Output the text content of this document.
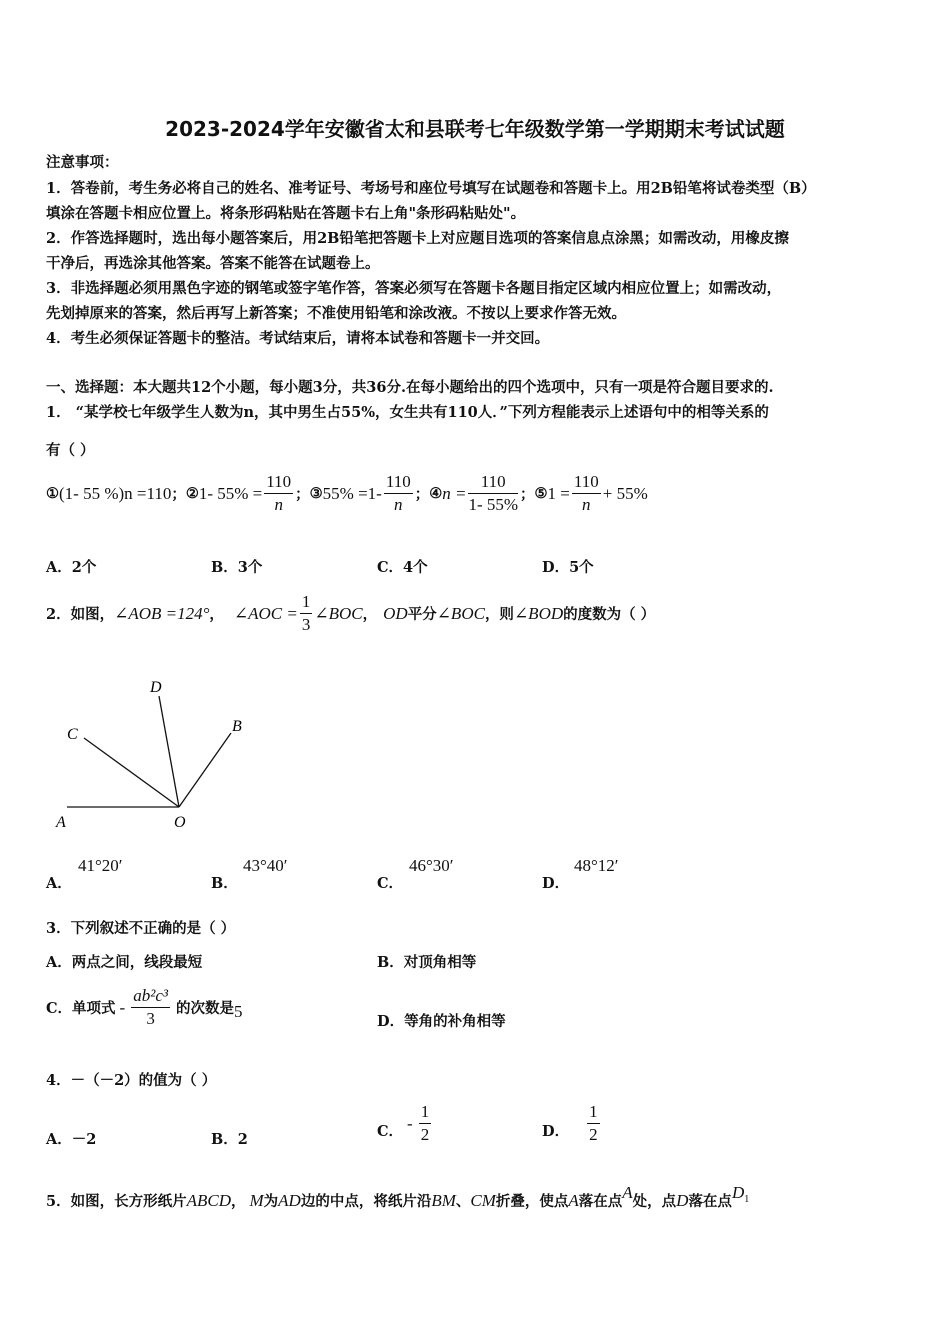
2023-2024学年安徽省太和县联考七年级数学第一学期期末考试试题
注意事项：
1．答卷前，考生务必将自己的姓名、准考证号、考场号和座位号填写在试题卷和答题卡上。用2B铅笔将试卷类型（B）
填涂在答题卡相应位置上。将条形码粘贴在答题卡右上角"条形码粘贴处"。
2．作答选择题时，选出每小题答案后，用2B铅笔把答题卡上对应题目选项的答案信息点涂黑；如需改动，用橡皮擦
干净后，再选涂其他答案。答案不能答在试题卷上。
3．非选择题必须用黑色字迹的钢笔或签字笔作答，答案必须写在答题卡各题目指定区域内相应位置上；如需改动，
先划掉原来的答案，然后再写上新答案；不准使用铅笔和涂改液。不按以上要求作答无效。
4．考生必须保证答题卡的整洁。考试结束后，请将本试卷和答题卡一并交回。
一、选择题：本大题共12个小题，每小题3分，共36分.在每小题给出的四个选项中，只有一项是符合题目要求的.
1． “某学校七年级学生人数为n，其中男生占55%，女生共有110人．”下列方程能表示上述语句中的相等关系的
有（ ）
① (1- 55 %)n =110 ； ② 1- $55\% = \frac{110}{n}$ ； ③ $55\% =1- \frac{110}{n}$ ； ④ $n = \frac{110}{1- 55\%}$ ； ⑤ $1 = \frac{110}{n} + 55\%$
A．2个	B．3个	C．4个	D．5个
2．如图， ∠AOB =124° ， ∠AOC = $\frac{1}{3}$ ∠BOC ， OD 平分 ∠BOC ，则 ∠BOD 的度数为（ ）
D
C	B
A	O
A．
41°20′
B．
43°40′
C．
46°30′
D．
48°12′
3．下列叙述不正确的是（ ）
A．两点之间，线段最短	B．对顶角相等
C．单项式 - $\frac{\text{ab²c³}}{3}$ 的次数是 5
D．等角的补角相等
4．－（－2）的值为（ ）
A．－2	B．2	C． - $\frac{1}{2}$	D． $\frac{1}{2}$
5．如图，长方形纸片 ABCD ， M 为 AD 边的中点，将纸片沿 BM 、 CM 折叠，使点 A 落在点 A 处，点 D 落在点 D 1
